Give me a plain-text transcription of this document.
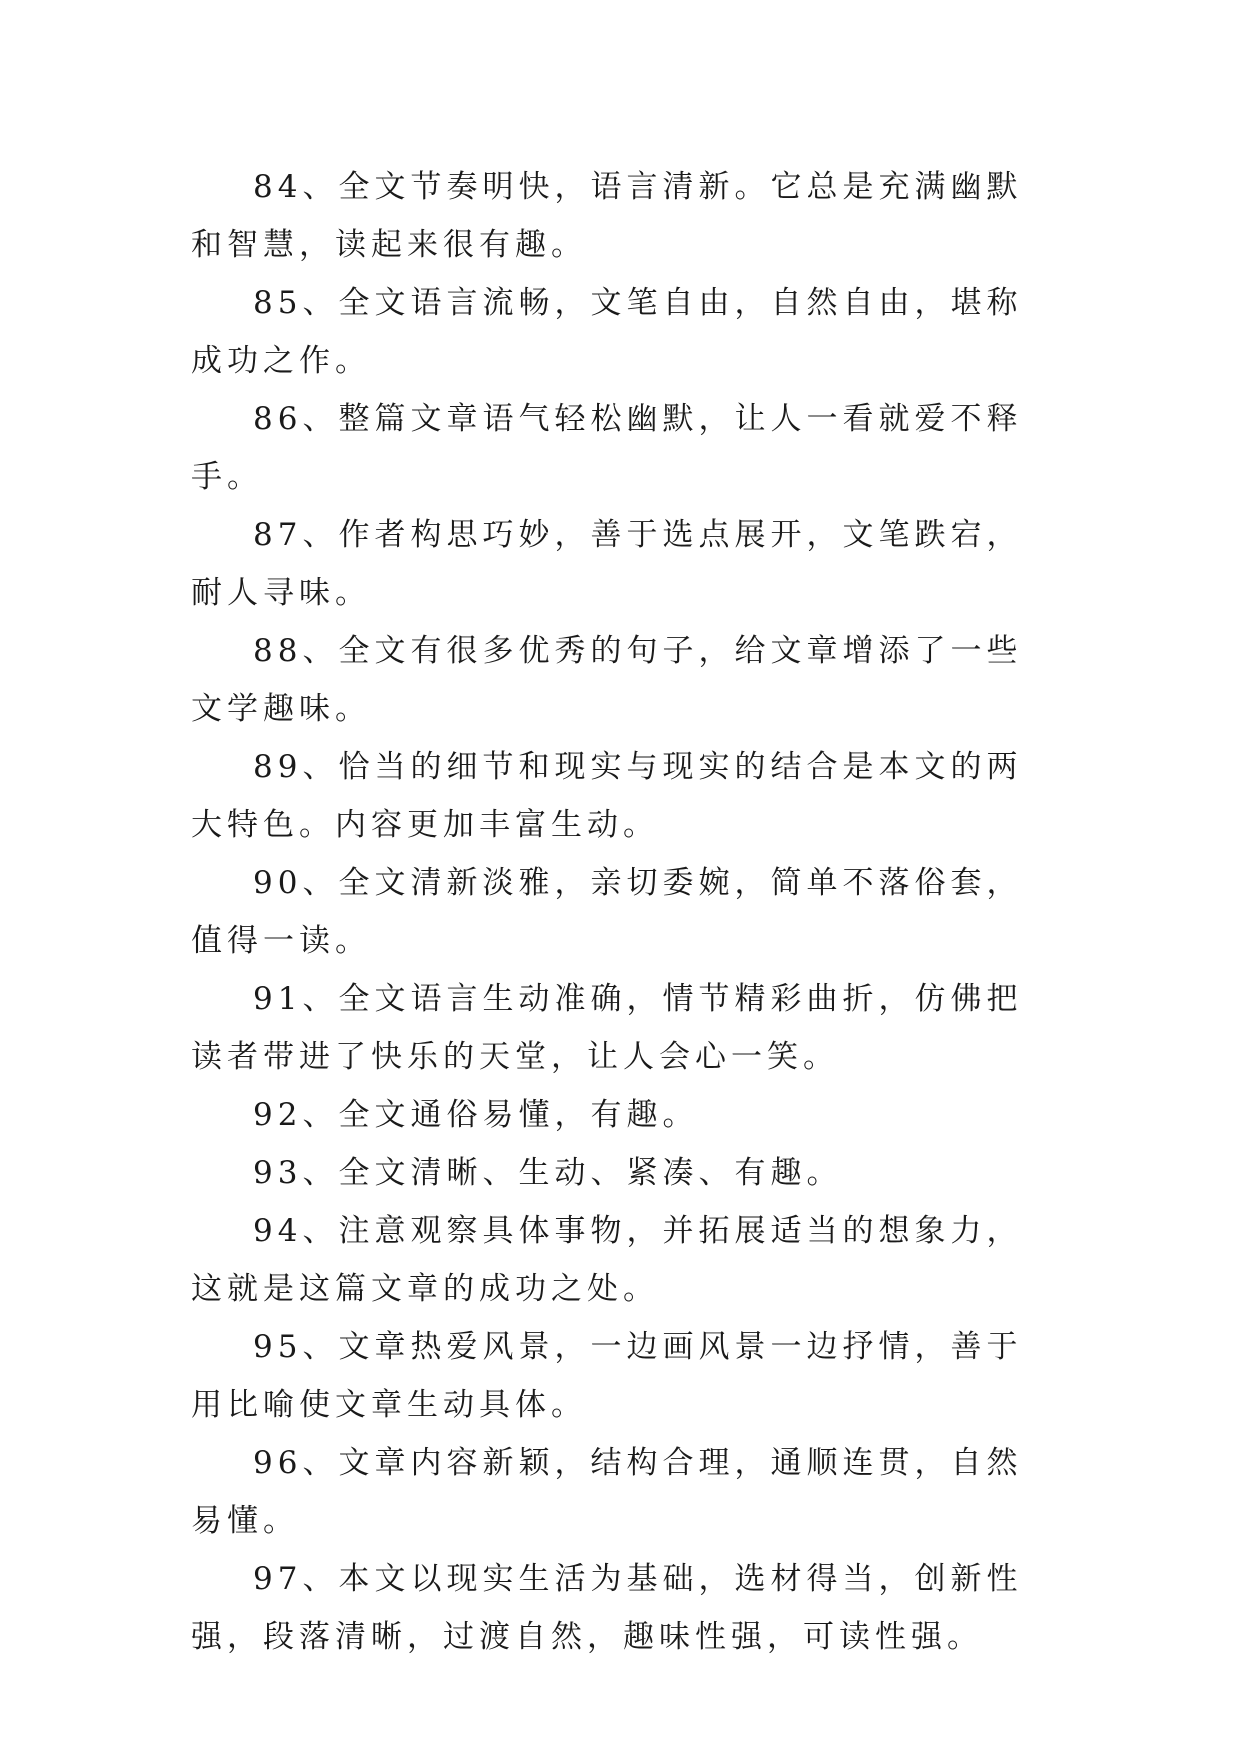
84、全文节奏明快，语言清新。它总是充满幽默和智慧，读起来很有趣。

85、全文语言流畅，文笔自由，自然自由，堪称成功之作。

86、整篇文章语气轻松幽默，让人一看就爱不释手。

87、作者构思巧妙，善于选点展开，文笔跌宕，耐人寻味。

88、全文有很多优秀的句子，给文章增添了一些文学趣味。

89、恰当的细节和现实与现实的结合是本文的两大特色。内容更加丰富生动。

90、全文清新淡雅，亲切委婉，简单不落俗套，值得一读。

91、全文语言生动准确，情节精彩曲折，仿佛把读者带进了快乐的天堂，让人会心一笑。

92、全文通俗易懂，有趣。

93、全文清晰、生动、紧凑、有趣。

94、注意观察具体事物，并拓展适当的想象力，这就是这篇文章的成功之处。

95、文章热爱风景，一边画风景一边抒情，善于用比喻使文章生动具体。

96、文章内容新颖，结构合理，通顺连贯，自然易懂。

97、本文以现实生活为基础，选材得当，创新性强，段落清晰，过渡自然，趣味性强，可读性强。
